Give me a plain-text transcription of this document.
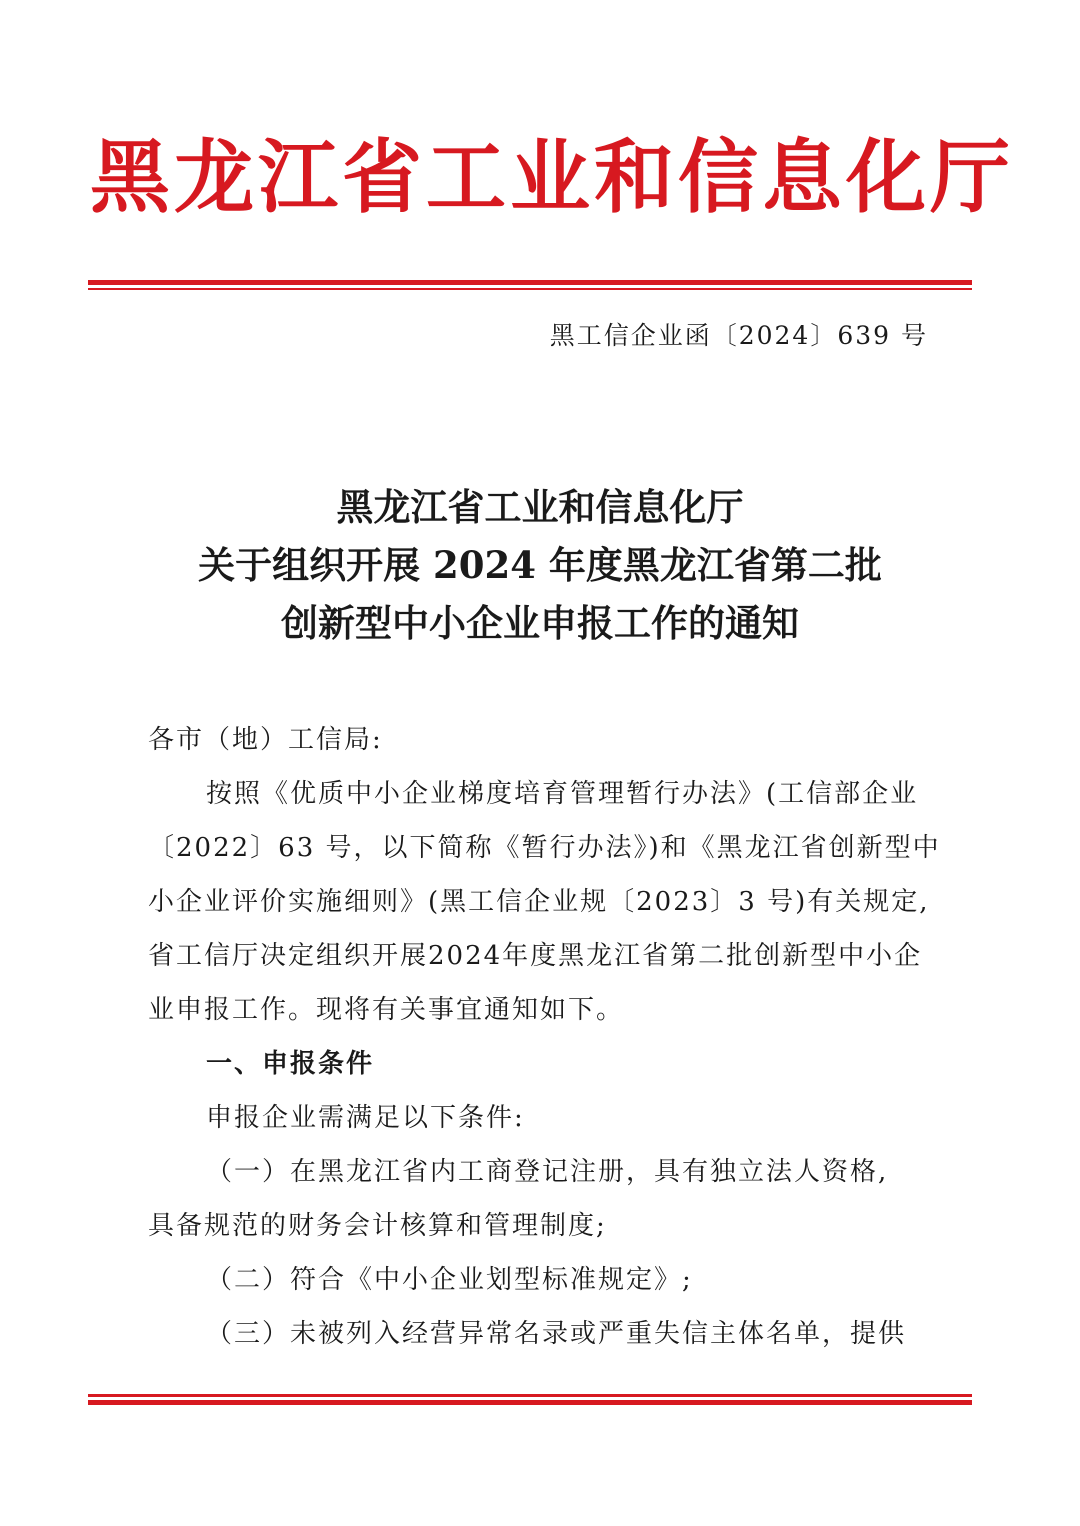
黑龙江省工业和信息化厅
黑工信企业函〔2024〕639 号
黑龙江省工业和信息化厅
关于组织开展 2024 年度黑龙江省第二批
创新型中小企业申报工作的通知
各市（地）工信局:
按照《优质中小企业梯度培育管理暂行办法》(工信部企业
〔2022〕63 号，以下简称《暂行办法》)和《黑龙江省创新型中
小企业评价实施细则》(黑工信企业规〔2023〕3 号)有关规定,
省工信厅决定组织开展2024年度黑龙江省第二批创新型中小企
业申报工作。现将有关事宜通知如下。
一、申报条件
申报企业需满足以下条件:
（一）在黑龙江省内工商登记注册，具有独立法人资格,
具备规范的财务会计核算和管理制度;
（二）符合《中小企业划型标准规定》;
（三）未被列入经营异常名录或严重失信主体名单，提供
